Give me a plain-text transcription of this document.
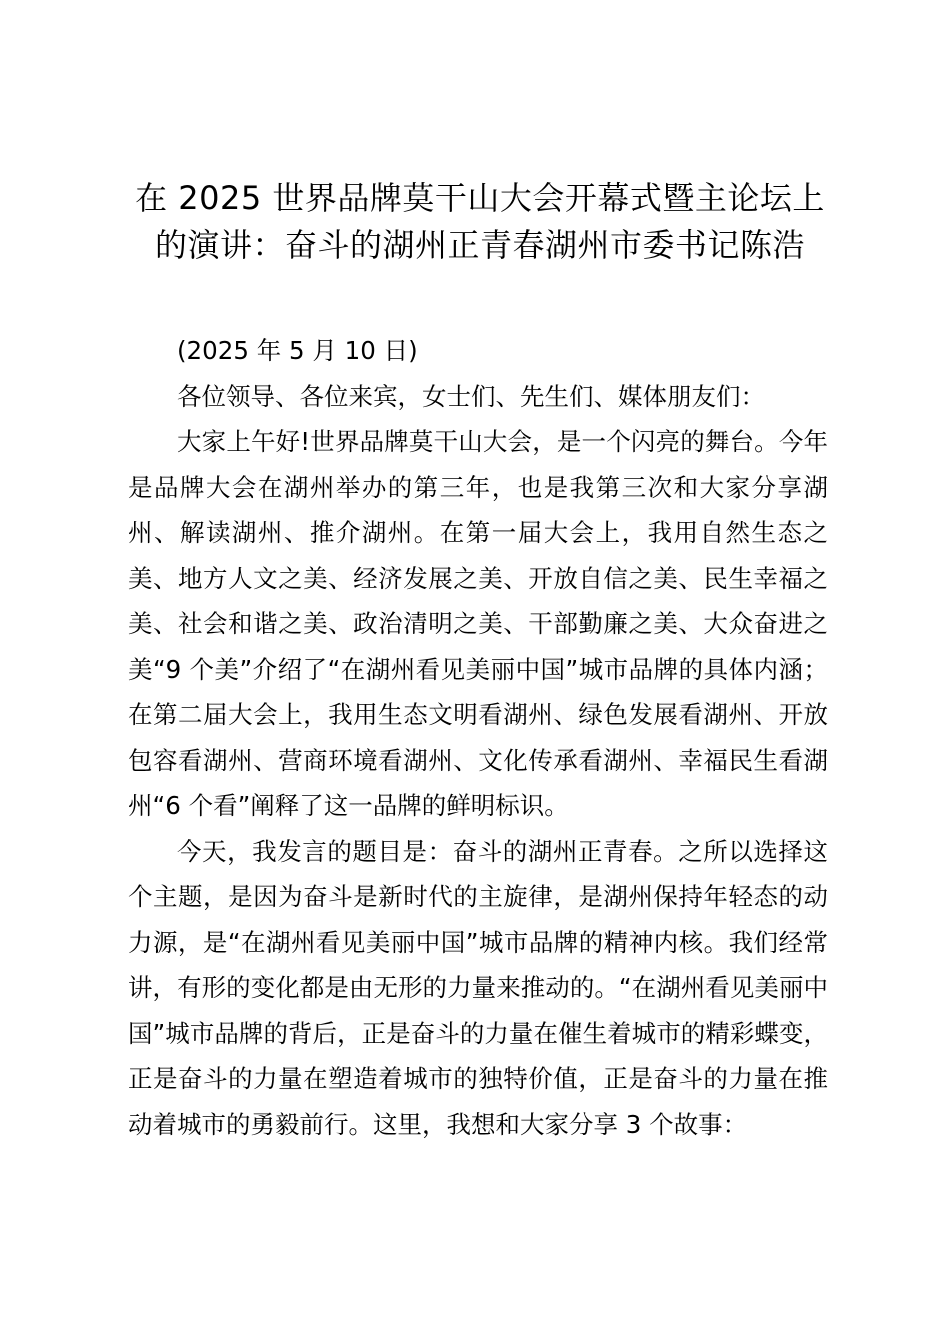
在 2025 世界品牌莫干山大会开幕式暨主论坛上的演讲：奋斗的湖州正青春湖州市委书记陈浩

(2025 年 5 月 10 日)

各位领导、各位来宾，女士们、先生们、媒体朋友们：

大家上午好!世界品牌莫干山大会，是一个闪亮的舞台。今年是品牌大会在湖州举办的第三年，也是我第三次和大家分享湖州、解读湖州、推介湖州。在第一届大会上，我用自然生态之美、地方人文之美、经济发展之美、开放自信之美、民生幸福之美、社会和谐之美、政治清明之美、干部勤廉之美、大众奋进之美“9 个美”介绍了“在湖州看见美丽中国”城市品牌的具体内涵；在第二届大会上，我用生态文明看湖州、绿色发展看湖州、开放包容看湖州、营商环境看湖州、文化传承看湖州、幸福民生看湖州“6 个看”阐释了这一品牌的鲜明标识。

今天，我发言的题目是：奋斗的湖州正青春。之所以选择这个主题，是因为奋斗是新时代的主旋律，是湖州保持年轻态的动力源，是“在湖州看见美丽中国”城市品牌的精神内核。我们经常讲，有形的变化都是由无形的力量来推动的。“在湖州看见美丽中国”城市品牌的背后，正是奋斗的力量在催生着城市的精彩蝶变，正是奋斗的力量在塑造着城市的独特价值，正是奋斗的力量在推动着城市的勇毅前行。这里，我想和大家分享 3 个故事：
